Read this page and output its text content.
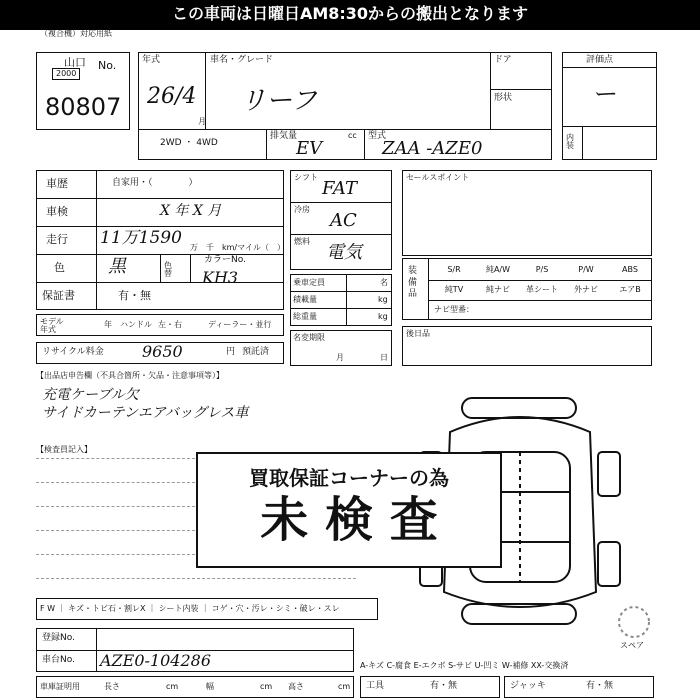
この車両は日曜日AM8:30からの搬出となります
（複合機）対応用紙
山口 No.
2000
80807
年式
26/4
月
車名・グレード
リーフ
ドア
形状
2WD ・ 4WD
排気量
EV
cc 型式
ZAA -AZE0
評価点
ー
内装
車歴	自家用・（　　　　）
車検	X 年 X 月
走行 11万1590 万　千　km/マイル（　）
色 黒	色替
カラーNo.
KH3
保証書	有・無
モデル年式
年 ハンドル 左・右	ディーラー・並行
リサイクル料金 9650	円 預託済
シフト
FAT
冷房
AC
燃料
電気
乗車定員	名
積載量	kg
総重量	kg
名変期限
月	日
セールスポイント
装備品
S/R	純A/W	P/S	P/W	ABS
純TV	純ナビ	革シート	外ナビ	エアB
ナビ型番：
後日品
【出品店申告欄（不具合箇所・欠品・注意事項等）】
充電ケーブル欠
サイドカーテンエアバッグレス車
【検査員記入】
スペア
買取保証コーナーの為
未 検 査
F W ｜ キズ・トビ石・割レX ｜ シート内装 ｜ コゲ・穴・汚レ・シミ・破レ・スレ
登録No.
車台No. AZE0-104286
車庫証明用	長さ	cm	幅	cm 高さ	cm
A-キズ C-腐食 E-エクボ S-サビ U-凹ミ W-補修 XX-交換済
工具	有・無	ジャッキ	有・無
